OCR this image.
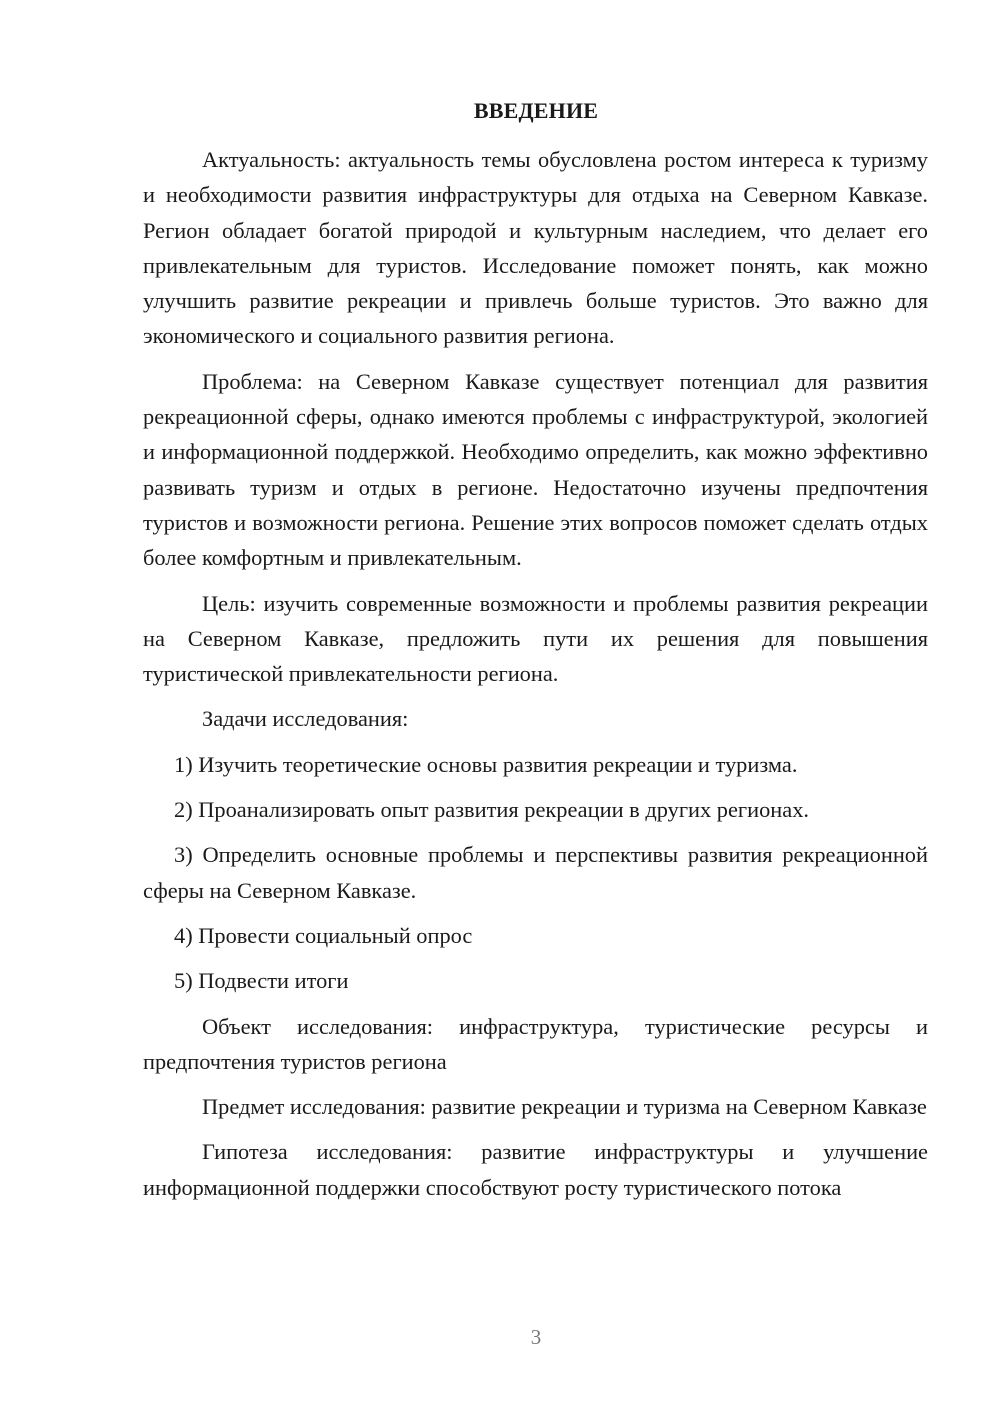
ВВЕДЕНИЕ

Актуальность: актуальность темы обусловлена ростом интереса к туризму и необходимости развития инфраструктуры для отдыха на Северном Кавказе. Регион обладает богатой природой и культурным наследием, что делает его привлекательным для туристов. Исследование поможет понять, как можно улучшить развитие рекреации и привлечь больше туристов. Это важно для экономического и социального развития региона.

Проблема: на Северном Кавказе существует потенциал для развития рекреационной сферы, однако имеются проблемы с инфраструктурой, экологией и информационной поддержкой. Необходимо определить, как можно эффективно развивать туризм и отдых в регионе. Недостаточно изучены предпочтения туристов и возможности региона. Решение этих вопросов поможет сделать отдых более комфортным и привлекательным.

Цель: изучить современные возможности и проблемы развития рекреации на Северном Кавказе, предложить пути их решения для повышения туристической привлекательности региона.

Задачи исследования:

1) Изучить теоретические основы развития рекреации и туризма.

2) Проанализировать опыт развития рекреации в других регионах.

3) Определить основные проблемы и перспективы развития рекреационной сферы на Северном Кавказе.

4) Провести социальный опрос

5) Подвести итоги

Объект исследования: инфраструктура, туристические ресурсы и предпочтения туристов региона

Предмет исследования: развитие рекреации и туризма на Северном Кавказе

Гипотеза исследования: развитие инфраструктуры и улучшение информационной поддержки способствуют росту туристического потока

3
